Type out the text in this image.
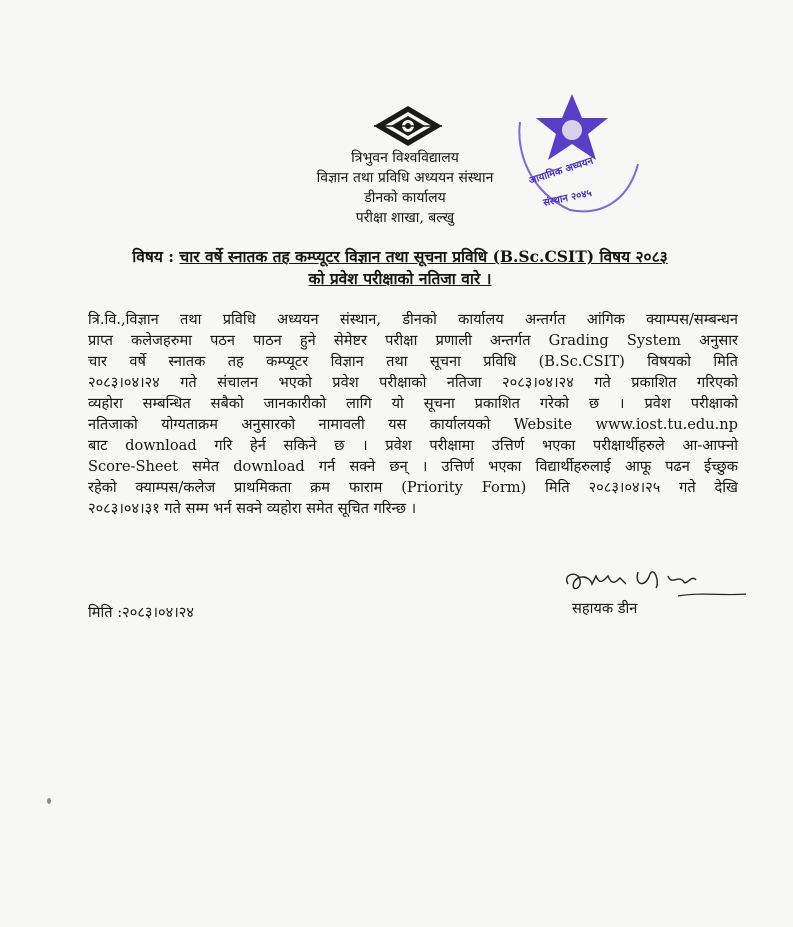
त्रिभुवन विश्वविद्यालय
विज्ञान तथा प्रविधि अध्ययन संस्थान
डीनको कार्यालय
परीक्षा शाखा, बल्खु
आयामिक अध्ययन
संस्थान २०४५
विषय : चार वर्षे स्नातक तह कम्प्यूटर विज्ञान तथा सूचना प्रविधि (B.Sc.CSIT) विषय २०८३
को प्रवेश परीक्षाको नतिजा वारे ।
त्रि.वि.,विज्ञान तथा प्रविधि अध्ययन संस्थान, डीनको कार्यालय अन्तर्गत आंगिक क्याम्पस/सम्बन्धन
प्राप्त कलेजहरुमा पठन पाठन हुने सेमेष्टर परीक्षा प्रणाली अन्तर्गत Grading System अनुसार
चार वर्षे स्नातक तह कम्प्यूटर विज्ञान तथा सूचना प्रविधि (B.Sc.CSIT) विषयको मिति
२०८३।०४।२४ गते संचालन भएको प्रवेश परीक्षाको नतिजा २०८३।०४।२४ गते प्रकाशित गरिएको
व्यहोरा सम्बन्धित सबैको जानकारीको लागि यो सूचना प्रकाशित गरेको छ । प्रवेश परीक्षाको
नतिजाको योग्यताक्रम अनुसारको नामावली यस कार्यालयको Website www.iost.tu.edu.np
बाट download गरि हेर्न सकिने छ । प्रवेश परीक्षामा उत्तिर्ण भएका परीक्षार्थीहरुले आ-आफ्नो
Score-Sheet समेत download गर्न सक्ने छन् । उत्तिर्ण भएका विद्यार्थीहरुलाई आफू पढन ईच्छुक
रहेको क्याम्पस/कलेज प्राथमिकता क्रम फाराम (Priority Form) मिति २०८३।०४।२५ गते देखि
२०८३।०४।३१ गते सम्म भर्न सक्ने व्यहोरा समेत सूचित गरिन्छ ।
सहायक डीन
मिति :२०८३।०४।२४
